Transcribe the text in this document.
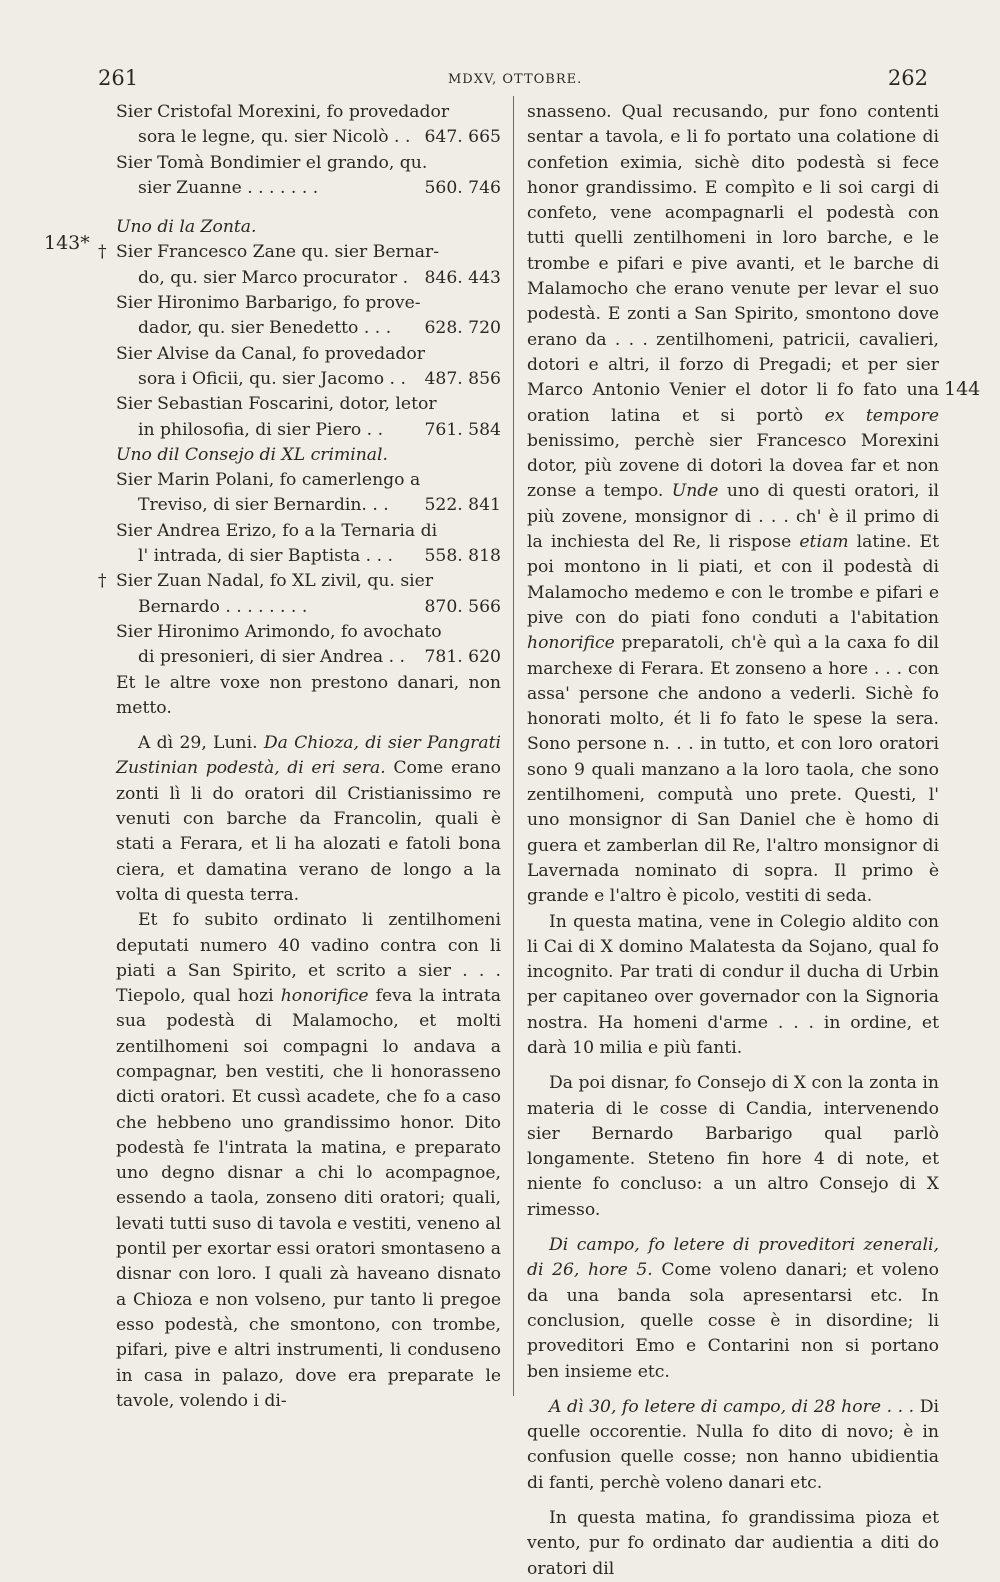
261	MDXV, OTTOBRE.	262
143*
144
Sier Cristofal Morexini, fo provedador
sora le legne, qu. sier Nicolò . . 647. 665
Sier Tomà Bondimier el grando, qu.
sier Zuanne . . . . . . .	560. 746

Uno di la Zonta.

† Sier Francesco Zane qu. sier Bernar-
do, qu. sier Marco procurator . 846. 443
Sier Hironimo Barbarigo, fo prove-
dador, qu. sier Benedetto . . .	628. 720
Sier Alvise da Canal, fo provedador
sora i Oficii, qu. sier Jacomo . .	487. 856
Sier Sebastian Foscarini, dotor, letor
in philosofia, di sier Piero . .	761. 584

Uno dil Consejo di XL criminal.

Sier Marin Polani, fo camerlengo a
Treviso, di sier Bernardin. . .	522. 841
Sier Andrea Erizo, fo a la Ternaria di
l' intrada, di sier Baptista . . .	558. 818
† Sier Zuan Nadal, fo XL zivil, qu. sier
Bernardo . . . . . . . .	870. 566
Sier Hironimo Arimondo, fo avochato
di presonieri, di sier Andrea . .	781. 620

Et le altre voxe non prestono danari, non metto.

A dì 29, Luni. Da Chioza, di sier Pangrati Zustinian podestà, di eri sera. Come erano zonti lì li do oratori dil Cristianissimo re venuti con barche da Francolin, quali è stati a Ferara, et li ha alozati e fatoli bona ciera, et damatina verano de longo a la volta di questa terra.

Et fo subito ordinato li zentilhomeni deputati numero 40 vadino contra con li piati a San Spirito, et scrito a sier . . . Tiepolo, qual hozi honorifice feva la intrata sua podestà di Malamocho, et molti zentilhomeni soi compagni lo andava a compagnar, ben vestiti, che li honorasseno dicti oratori. Et cussì acadete, che fo a caso che hebbeno uno grandissimo honor. Dito podestà fe l'intrata la matina, e preparato uno degno disnar a chi lo acompagnoe, essendo a taola, zonseno diti oratori; quali, levati tutti suso di tavola e vestiti, veneno al pontil per exortar essi oratori smontaseno a disnar con loro. I quali zà haveano disnato a Chioza e non volseno, pur tanto li pregoe esso podestà, che smontono, con trombe, pifari, pive e altri instrumenti, li conduseno in casa in palazo, dove era preparate le tavole, volendo i di-

snasseno. Qual recusando, pur fono contenti sentar a tavola, e li fo portato una colatione di confetion eximia, sichè dito podestà si fece honor grandissimo. E compìto e li soi cargi di confeto, vene acompagnarli el podestà con tutti quelli zentilhomeni in loro barche, e le trombe e pifari e pive avanti, et le barche di Malamocho che erano venute per levar el suo podestà. E zonti a San Spirito, smontono dove erano da . . . zentilhomeni, patricii, cavalieri, dotori e altri, il forzo di Pregadi; et per sier Marco Antonio Venier el dotor li fo fato una oration latina et si portò ex tempore benissimo, perchè sier Francesco Morexini dotor, più zovene di dotori la dovea far et non zonse a tempo. Unde uno di questi oratori, il più zovene, monsignor di . . . ch' è il primo di la inchiesta del Re, li rispose etiam latine. Et poi montono in li piati, et con il podestà di Malamocho medemo e con le trombe e pifari e pive con do piati fono conduti a l'abitation honorifice preparatoli, ch'è quì a la caxa fo dil marchexe di Ferara. Et zonseno a hore . . . con assa' persone che andono a vederli. Sichè fo honorati molto, ét li fo fato le spese la sera. Sono persone n. . . in tutto, et con loro oratori sono 9 quali manzano a la loro taola, che sono zentilhomeni, computà uno prete. Questi, l' uno monsignor di San Daniel che è homo di guera et zamberlan dil Re, l'altro monsignor di Lavernada nominato di sopra. Il primo è grande e l'altro è picolo, vestiti di seda.

In questa matina, vene in Colegio aldito con li Cai di X domino Malatesta da Sojano, qual fo incognito. Par trati di condur il ducha di Urbin per capitaneo over governador con la Signoria nostra. Ha homeni d'arme . . . in ordine, et darà 10 milia e più fanti.

Da poi disnar, fo Consejo di X con la zonta in materia di le cosse di Candia, intervenendo sier Bernardo Barbarigo qual parlò longamente. Steteno fin hore 4 di note, et niente fo concluso: a un altro Consejo di X rimesso.

Di campo, fo letere di proveditori zenerali, di 26, hore 5. Come voleno danari; et voleno da una banda sola apresentarsi etc. In conclusion, quelle cosse è in disordine; li proveditori Emo e Contarini non si portano ben insieme etc.

A dì 30, fo letere di campo, di 28 hore . . . Di quelle occorentie. Nulla fo dito di novo; è in confusion quelle cosse; non hanno ubidientia di fanti, perchè voleno danari etc.

In questa matina, fo grandissima pioza et vento, pur fo ordinato dar audientia a diti do oratori dil
